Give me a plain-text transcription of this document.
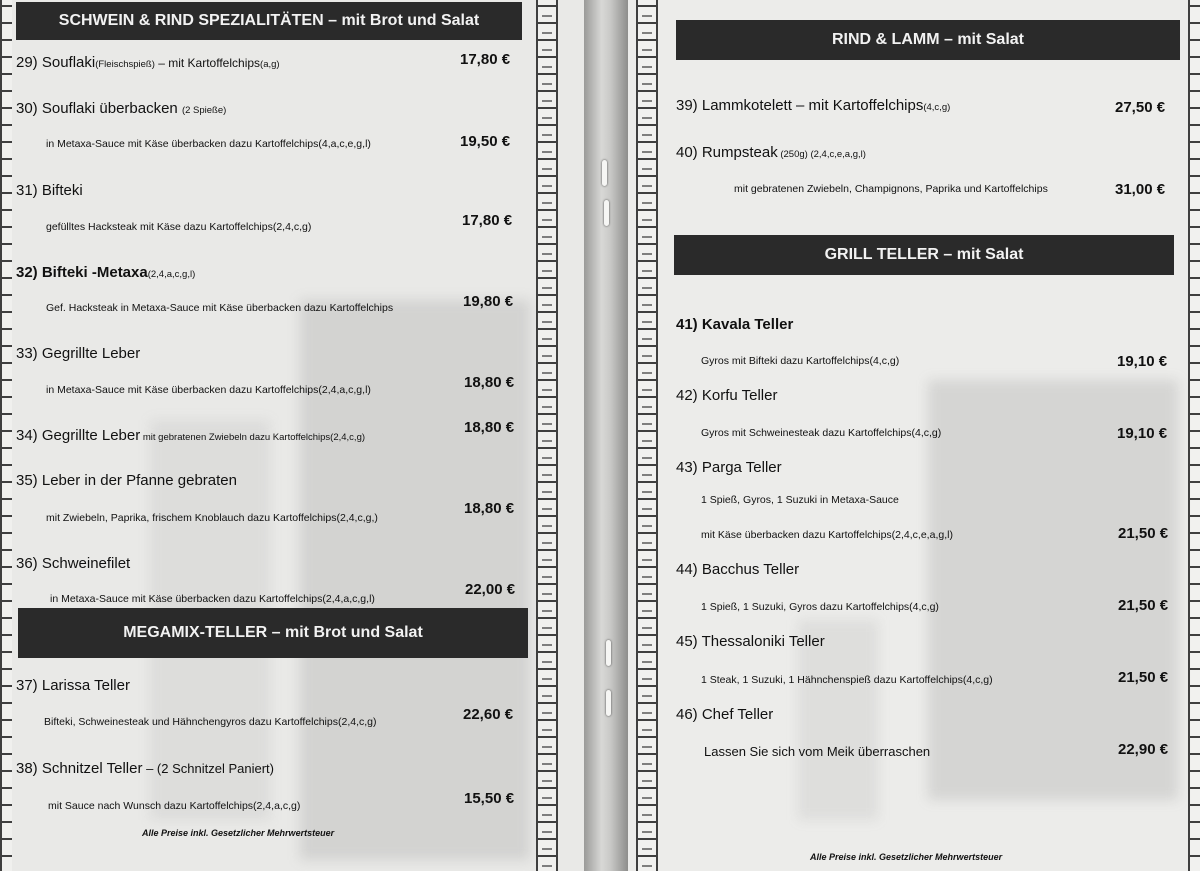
SCHWEIN & RIND SPEZIALITÄTEN – mit Brot und Salat
29) Souflaki(Fleischspieß) – mit Kartoffelchips(a,g)	17,80 €
30) Souflaki überbacken (2 Spieße)
in Metaxa-Sauce mit Käse überbacken dazu Kartoffelchips(4,a,c,e,g,l)	19,50 €
31) Bifteki
gefülltes Hacksteak mit Käse dazu Kartoffelchips(2,4,c,g)	17,80 €
32) Bifteki -Metaxa(2,4,a,c,g,l)
Gef. Hacksteak in Metaxa-Sauce mit Käse überbacken dazu Kartoffelchips	19,80 €
33) Gegrillte Leber
in Metaxa-Sauce mit Käse überbacken dazu Kartoffelchips(2,4,a,c,g,l)	18,80 €
34) Gegrillte Leber mit gebratenen Zwiebeln dazu Kartoffelchips(2,4,c,g)
18,80 €
35) Leber in der Pfanne gebraten
mit Zwiebeln, Paprika, frischem Knoblauch dazu Kartoffelchips(2,4,c,g,)
18,80 €
36) Schweinefilet
in Metaxa-Sauce mit Käse überbacken dazu Kartoffelchips(2,4,a,c,g,l)
22,00 €
MEGAMIX-TELLER – mit Brot und Salat
37) Larissa Teller
Bifteki, Schweinesteak und Hähnchengyros dazu Kartoffelchips(2,4,c,g)	22,60 €
38) Schnitzel Teller – (2 Schnitzel Paniert)
mit Sauce nach Wunsch dazu Kartoffelchips(2,4,a,c,g)	15,50 €
Alle Preise inkl. Gesetzlicher Mehrwertsteuer
RIND & LAMM – mit Salat
39) Lammkotelett – mit Kartoffelchips(4,c,g)	27,50 €
40) Rumpsteak (250g) (2,4,c,e,a,g,l)
mit gebratenen Zwiebeln, Champignons, Paprika und Kartoffelchips	31,00 €
GRILL TELLER – mit Salat
41) Kavala Teller
Gyros mit Bifteki dazu Kartoffelchips(4,c,g)	19,10 €
42) Korfu Teller
Gyros mit Schweinesteak dazu Kartoffelchips(4,c,g)	19,10 €
43) Parga Teller
1 Spieß, Gyros, 1 Suzuki in Metaxa-Sauce
mit Käse überbacken dazu Kartoffelchips(2,4,c,e,a,g,l)	21,50 €
44) Bacchus Teller
1 Spieß, 1 Suzuki, Gyros dazu Kartoffelchips(4,c,g)	21,50 €
45) Thessaloniki Teller
1 Steak, 1 Suzuki, 1 Hähnchenspieß dazu Kartoffelchips(4,c,g)	21,50 €
46) Chef Teller
Lassen Sie sich vom Meik überraschen	22,90 €
Alle Preise inkl. Gesetzlicher Mehrwertsteuer
